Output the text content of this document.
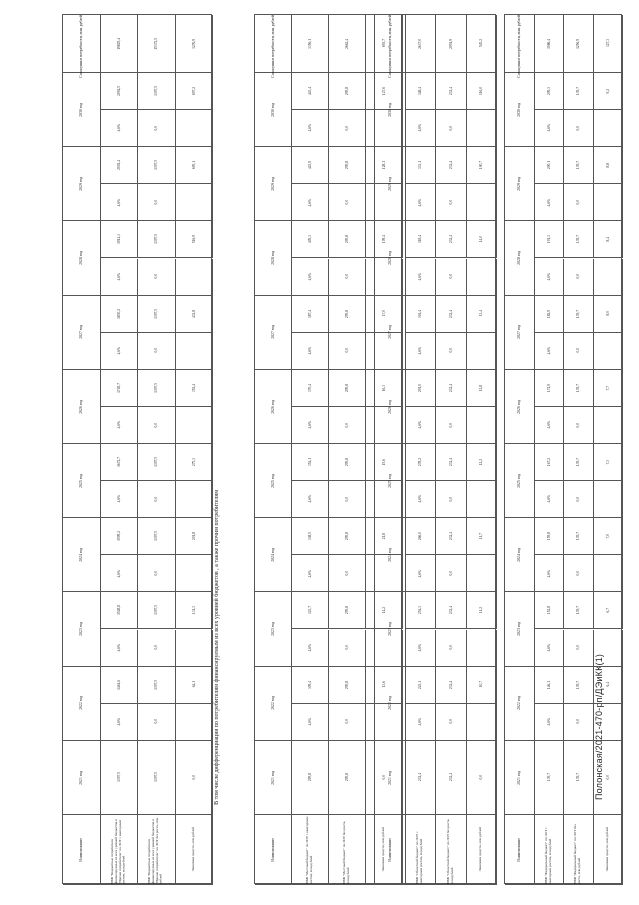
В том числе дифференциация по потребителям финансируемым из всех уровней бюджетов , а также прочим потребителям	Полонская/2021-470-рп/ДЭиКК(1)
Совокупные потребности, млн. рублей
2030 год
2029 год
2028 год
2027 год
2026 год
2025 год
2024 год
2023 год
2022 год
2021 год
Наименование
19825,4
2094,5
4,6%
2002,4
4,6%
1914,3
4,6%
1830,2
4,6%
1749,7
4,6%
1672,7
4,6%
1599,2
4,6%
1528,8
4,6%
1461,6
4,6%
1397,5
НВВ "Бюджетные потребители финансируемые из всех уровней бюджетов и "Прочие потребители" по ЭОТ с ежегодным ростом, млн.рублей
15372,5
1397,5
0,0
1397,5
0,0
1397,5
0,0
1397,5
0,0
1397,5
0,0
1397,5
0,0
1397,5
0,0
1397,5
0,0
1397,5
0,0
1397,5
НВВ "Бюджетные потребители финансируемые из всех уровней бюджетов и "Прочие потребители" по ЭОТ без роста, млн. рублей
3276,9
697,2
605,1
516,9
432,8
352,4
275,3
201,8
131,3
64,1
0,0
Экономия средств, млн.рублей
Совокупные потребности, млн. рублей
2030 год
2029 год
2028 год
2027 год
2026 год
2025 год
2024 год
2023 год
2022 год
2021 год
Наименование
3356,1
443,4
4,6%
423,9
4,6%
405,3
4,6%
387,4
4,6%
370,4
4,6%
354,1
4,6%
338,5
4,6%
323,7
4,6%
309,4
4,6%
295,8
НВВ "Местный бюджет" по ЭОТ с ежегодным ростом, млн.рублей
2662,4
295,8
0,0
295,8
0,0
295,8
0,0
295,8
0,0
295,8
0,0
295,8
0,0
295,8
0,0
295,8
0,0
295,8
0,0
295,8
НВВ "Местный бюджет" по ЭОТ без роста, млн.рублей
693,7
147,6
128,1
109,4
17,0
16,3
15,6
21,8
14,2
13,6
0,0
Экономия средств, млн.рублей
Совокупные потребности, млн. рублей
2030 год
2029 год
2028 год
2027 год
2026 год
2025 год
2024 год
2023 год
2022 год
2021 год
Наименование
2637,0
348,4
4,6%
333,1
4,6%
318,4
4,6%
304,4
4,6%
291,0
4,6%
278,2
4,6%
266,0
4,6%
254,3
4,6%
243,1
4,6%
232,4
НВВ "Областной бюджет" по ЭОТ с ежегодным ростом, млн.рублей
2091,9
232,4
0,0
232,4
0,0
232,4
0,0
232,4
0,0
232,4
0,0
232,4
0,0
232,4
0,0
232,4
0,0
232,4
0,0
232,4
НВВ "Областной бюджет" по ЭОТ без роста, млн.рублей
545,2
116,0
100,7
14,0
13,4
12,8
12,2
11,7
11,2
10,7
0,0
Экономия средств, млн.рублей
Совокупные потребности, млн. рублей
2030 год
2029 год
2028 год
2027 год
2026 год
2025 год
2024 год
2023 год
2022 год
2021 год
Наименование
1586,4
209,3
4,6%
200,1
4,6%
191,3
4,6%
182,9
4,6%
174,9
4,6%
167,2
4,6%
159,8
4,6%
152,8
4,6%
146,1
4,6%
139,7
НВВ "Федеральный бюджет" по ЭОТ с ежегодным ростом, млн.рублей
1256,9
139,7
0,0
139,7
0,0
139,7
0,0
139,7
0,0
139,7
0,0
139,7
0,0
139,7
0,0
139,7
0,0
139,7
0,0
139,7
НВВ "Федеральный бюджет" по ЭОТ без роста, млн.рублей
327,3
9,2
8,8
8,4
8,0
7,7
7,3
7,0
6,7
6,4
0,0
Экономия средств, млн.рублей
